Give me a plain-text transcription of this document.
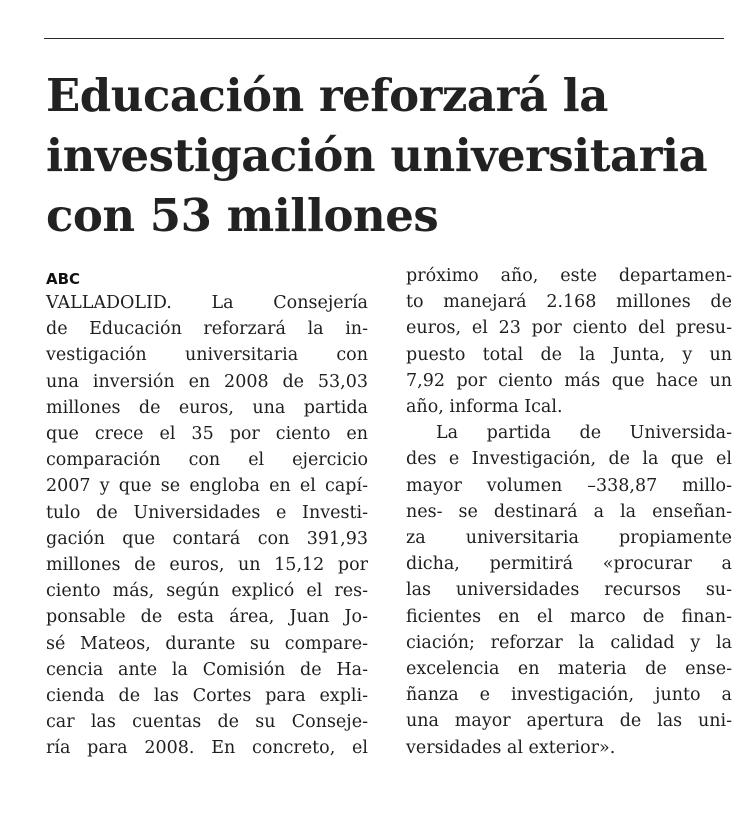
Educación reforzará la
investigación universitaria
con 53 millones
ABC
VALLADOLID. La Consejería
de Educación reforzará la in-
vestigación universitaria con
una inversión en 2008 de 53,03
millones de euros, una partida
que crece el 35 por ciento en
comparación con el ejercicio
2007 y que se engloba en el capí-
tulo de Universidades e Investi-
gación que contará con 391,93
millones de euros, un 15,12 por
ciento más, según explicó el res-
ponsable de esta área, Juan Jo-
sé Mateos, durante su compare-
cencia ante la Comisión de Ha-
cienda de las Cortes para expli-
car las cuentas de su Conseje-
ría para 2008. En concreto, el
próximo año, este departamen-
to manejará 2.168 millones de
euros, el 23 por ciento del presu-
puesto total de la Junta, y un
7,92 por ciento más que hace un
año, informa Ical.
La partida de Universida-
des e Investigación, de la que el
mayor volumen –338,87 millo-
nes- se destinará a la enseñan-
za universitaria propiamente
dicha, permitirá «procurar a
las universidades recursos su-
ficientes en el marco de finan-
ciación; reforzar la calidad y la
excelencia en materia de ense-
ñanza e investigación, junto a
una mayor apertura de las uni-
versidades al exterior».
